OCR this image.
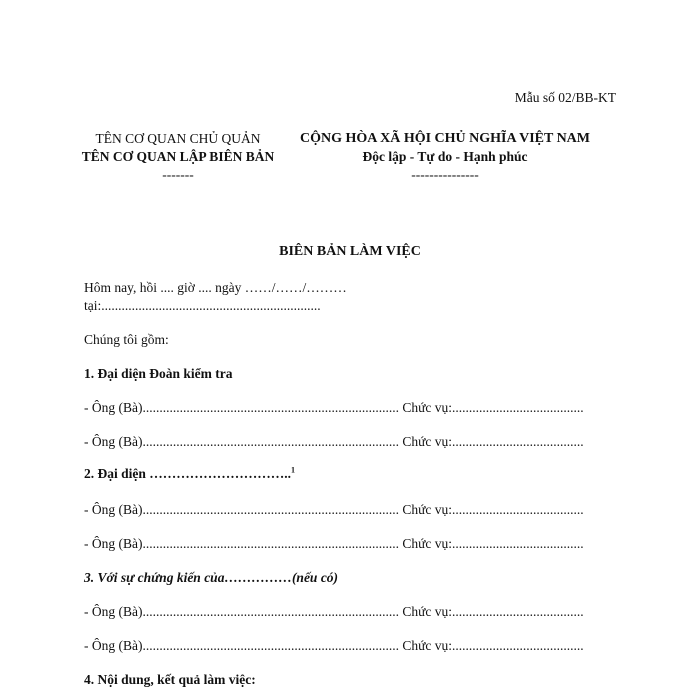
Mẫu số 02/BB-KT
TÊN CƠ QUAN CHỦ QUẢN
TÊN CƠ QUAN LẬP BIÊN BẢN
-------
CỘNG HÒA XÃ HỘI CHỦ NGHĨA VIỆT NAM
Độc lập - Tự do - Hạnh phúc
---------------
BIÊN BẢN LÀM VIỆC
Hôm nay, hồi .... giờ .... ngày ……/……/………
tại:.................................................................
Chúng tôi gồm:
1. Đại diện Đoàn kiểm tra
- Ông (Bà)............................................................................ Chức vụ:.......................................
- Ông (Bà)............................................................................ Chức vụ:.......................................
2. Đại diện …………………………..$^1$
- Ông (Bà)............................................................................ Chức vụ:.......................................
- Ông (Bà)............................................................................ Chức vụ:.......................................
3. Với sự chứng kiến của……………(nếu có)
- Ông (Bà)............................................................................ Chức vụ:.......................................
- Ông (Bà)............................................................................ Chức vụ:.......................................
4. Nội dung, kết quả làm việc:
